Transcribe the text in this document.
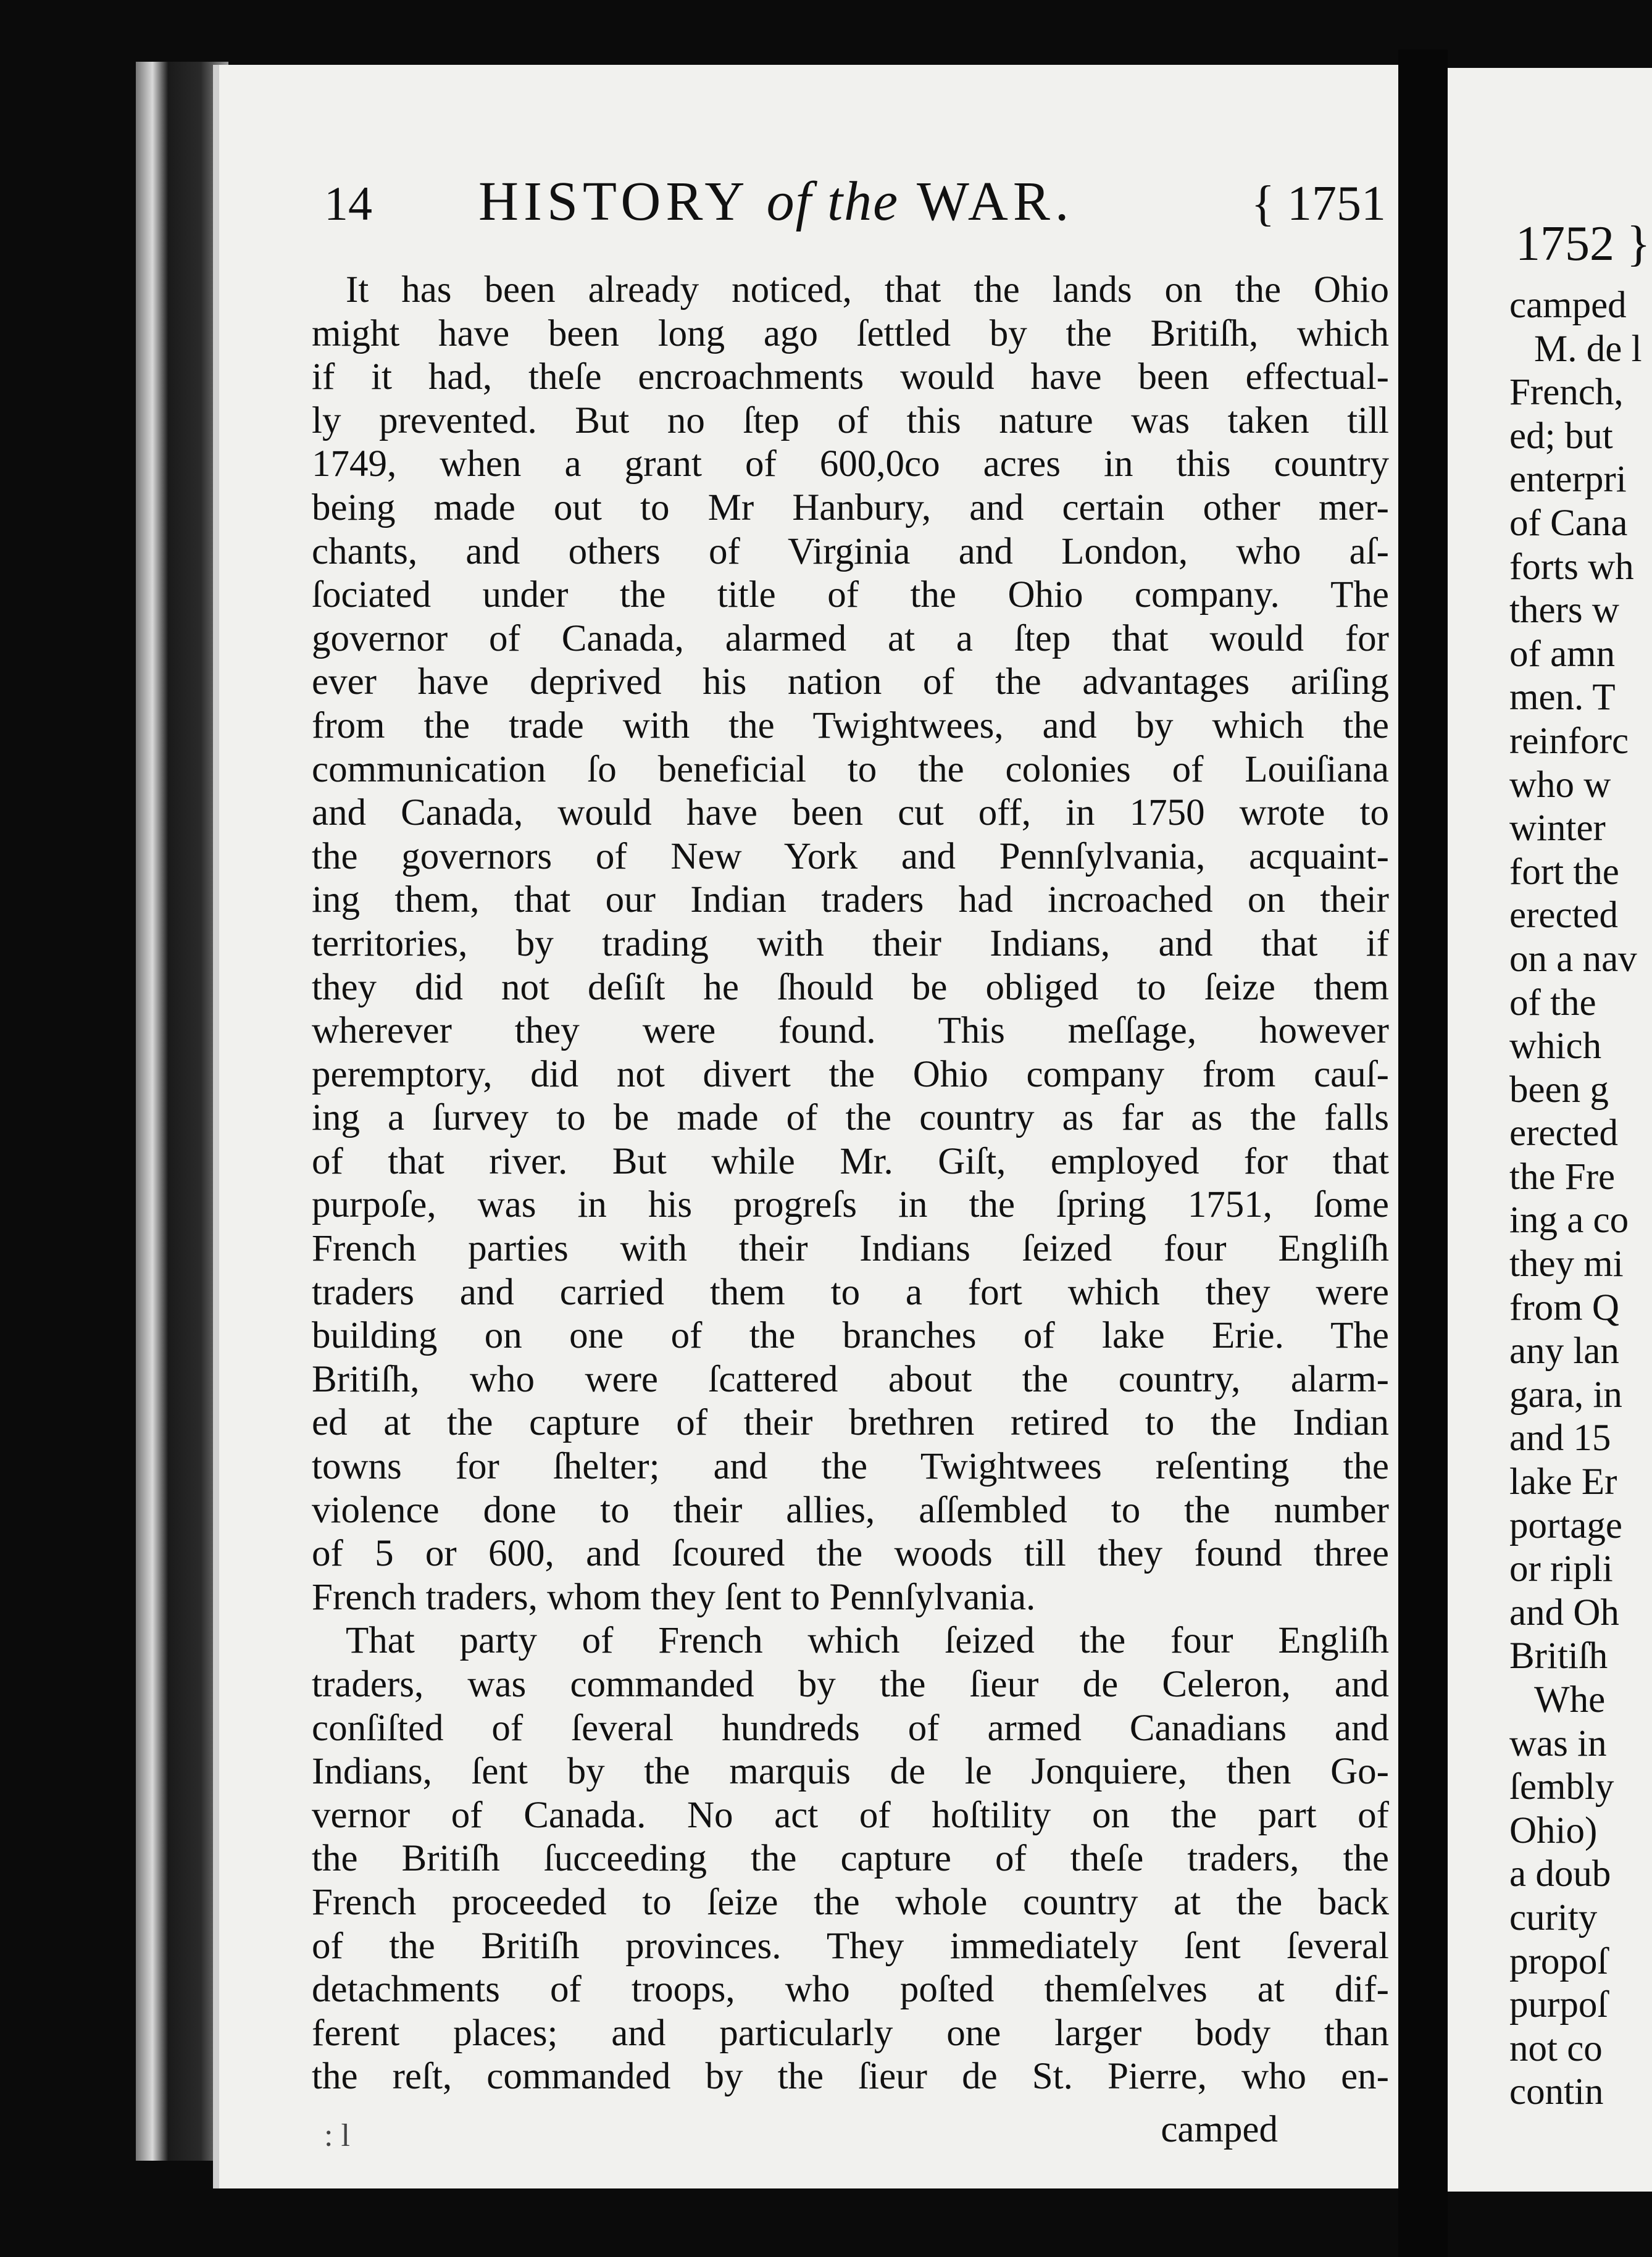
14 HISTORY of the WAR.	{ 1751
It has been already noticed, that the lands on the Ohio
might have been long ago ſettled by the Britiſh, which
if it had, theſe encroachments would have been effectual-
ly prevented. But no ſtep of this nature was taken till
1749, when a grant of 600,0co acres in this country
being made out to Mr Hanbury, and certain other mer-
chants, and others of Virginia and London, who aſ-
ſociated under the title of the Ohio company. The
governor of Canada, alarmed at a ſtep that would for
ever have deprived his nation of the advantages ariſing
from the trade with the Twightwees, and by which the
communication ſo beneficial to the colonies of Louiſiana
and Canada, would have been cut off, in 1750 wrote to
the governors of New York and Pennſylvania, acquaint-
ing them, that our Indian traders had incroached on their
territories, by trading with their Indians, and that if
they did not deſiſt he ſhould be obliged to ſeize them
wherever they were found. This meſſage, however
peremptory, did not divert the Ohio company from cauſ-
ing a ſurvey to be made of the country as far as the falls
of that river. But while Mr. Giſt, employed for that
purpoſe, was in his progreſs in the ſpring 1751, ſome
French parties with their Indians ſeized four Engliſh
traders and carried them to a fort which they were
building on one of the branches of lake Erie. The
Britiſh, who were ſcattered about the country, alarm-
ed at the capture of their brethren retired to the Indian
towns for ſhelter; and the Twightwees reſenting the
violence done to their allies, aſſembled to the number
of 5 or 600, and ſcoured the woods till they found three
French traders, whom they ſent to Pennſylvania.
That party of French which ſeized the four Engliſh
traders, was commanded by the ſieur de Celeron, and
conſiſted of ſeveral hundreds of armed Canadians and
Indians, ſent by the marquis de le Jonquiere, then Go-
vernor of Canada. No act of hoſtility on the part of
the Britiſh ſucceeding the capture of theſe traders, the
French proceeded to ſeize the whole country at the back
of the Britiſh provinces. They immediately ſent ſeveral
detachments of troops, who poſted themſelves at dif-
ferent places; and particularly one larger body than
the reſt, commanded by the ſieur de St. Pierre, who en-
: l	camped
1752 }
camped
M. de l
French,
ed; but
enterpri
of Cana
forts wh
thers w
of amn
men. T
reinforc
who w
winter
fort the
erected
on a nav
of the
which
been g
erected
the Fre
ing a co
they mi
from Q
any lan
gara, in
and 15
lake Er
portage
or ripli
and Oh
Britiſh
Whe
was in
ſembly
Ohio)
a doub
curity
propoſ
purpoſ
not co
contin
